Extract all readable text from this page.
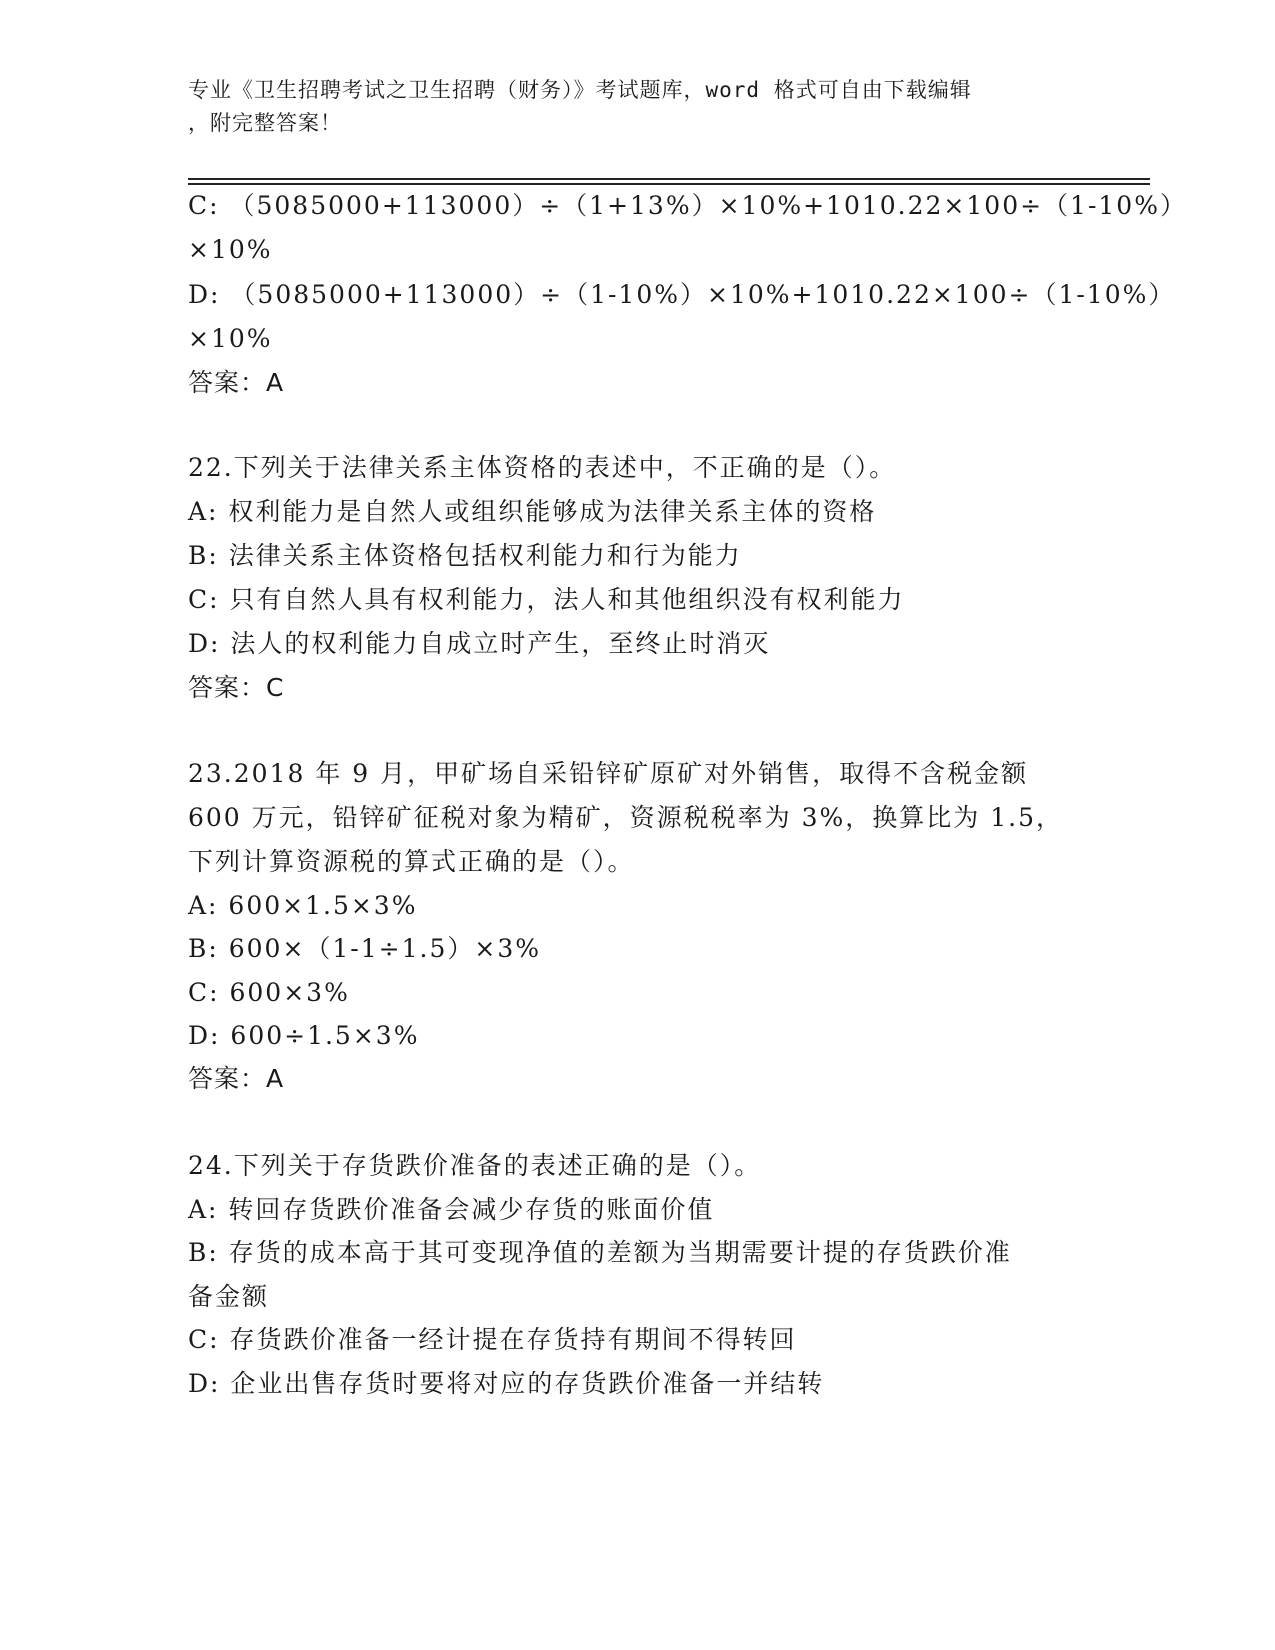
专业《卫生招聘考试之卫生招聘（财务）》考试题库，word 格式可自由下载编辑
，附完整答案！
C: （5085000+113000）÷（1+13%）×10%+1010.22×100÷（1-10%）
×10%
D: （5085000+113000）÷（1-10%）×10%+1010.22×100÷（1-10%）
×10%
答案：A
22.下列关于法律关系主体资格的表述中，不正确的是（）。
A: 权利能力是自然人或组织能够成为法律关系主体的资格
B: 法律关系主体资格包括权利能力和行为能力
C: 只有自然人具有权利能力，法人和其他组织没有权利能力
D: 法人的权利能力自成立时产生，至终止时消灭
答案：C
23.2018 年 9 月，甲矿场自采铅锌矿原矿对外销售，取得不含税金额
600 万元，铅锌矿征税对象为精矿，资源税税率为 3%，换算比为 1.5，
下列计算资源税的算式正确的是（）。
A: 600×1.5×3%
B: 600×（1-1÷1.5）×3%
C: 600×3%
D: 600÷1.5×3%
答案：A
24.下列关于存货跌价准备的表述正确的是（）。
A: 转回存货跌价准备会减少存货的账面价值
B: 存货的成本高于其可变现净值的差额为当期需要计提的存货跌价准
备金额
C: 存货跌价准备一经计提在存货持有期间不得转回
D: 企业出售存货时要将对应的存货跌价准备一并结转
